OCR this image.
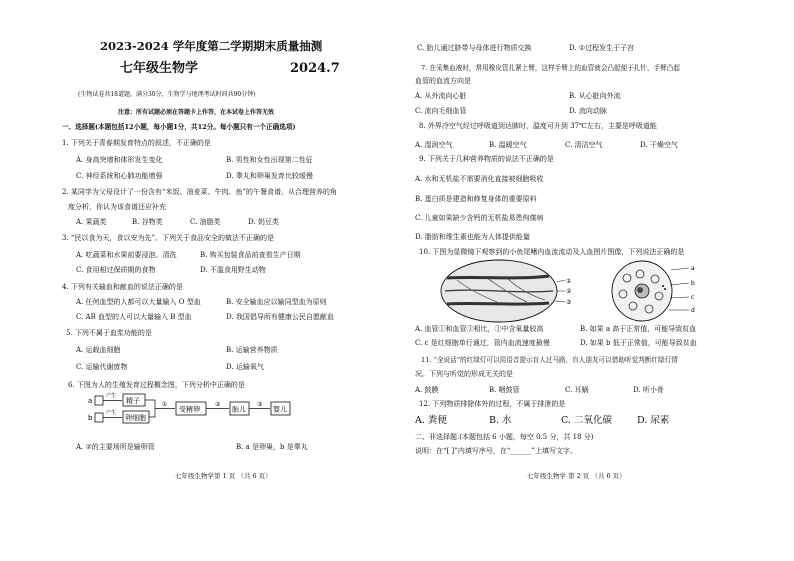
2023-2024 学年度第二学期期末质量抽测
七年级生物学	2024.7
(生物试卷共18道题，满分30分，生物学与地理考试时间共90分钟)
注意：所有试题必须在答题卡上作答，在本试卷上作答无效
一、选择题(本题包括12小题，每小题1分，共12分。每小题只有一个正确选项)
1. 下列关于青春期发育特点的叙述，不正确的是
A. 身高突增和体形发生变化	B. 男性和女性出现第二性征
C. 神经系统和心肺功能增强	D. 睾丸和卵巢发育比较缓慢
2. 某同学为父母设计了一份含有“米饭、油麦菜、牛肉、鱼”的午餐食谱。从合理营养的角
度分析，你认为该食谱还应补充
A. 果蔬类	B. 谷物类	C. 油脂类	D. 奶豆类
3. “民以食为天，食以安为先”。下列关于食品安全的做法不正确的是
A. 吃蔬菜和水果前要浸泡、清洗	B. 购买包装食品前查看生产日期
C. 食用相过保质期的食物	D. 不滥食用野生动物
4. 下列有关输血和献血的说法正确的是
A. 任何血型的人都可以大量输入 O 型血	B. 安全输血应以输同型血为原则
C. AB 血型的人可以大量输入 B 型血	D. 我国倡导所有健康公民自愿献血
5. 下列不属于血浆功能的是
A. 运载血细胞	B. 运输营养物质
C. 运输代谢废物	D. 运输氧气
6. 下图为人的生殖发育过程概念图，下列分析中正确的是
a
b
产生
产生
精子
卵细胞
①
受精卵
②
胎儿
③
婴儿
A. ②的主要场所是输卵管	B. a 是卵巢，b 是睾丸
七年级生物学第 1 页 （共 6 页）
C. 胎儿通过脐带与母体进行物质交换	D. ①过程发生于子宫
7. 在采集血液时，常用橡皮管扎紧上臂，这样手臂上的血管就会凸起便于扎针，手臂凸起
血管的血流方向是
A. 从外流向心脏	B. 从心脏向外流
C. 流向毛细血管	D. 流向动脉
8. 外界冷空气经过呼吸道到达肺时，温度可升到 37℃左右，主要是呼吸道能
A. 湿润空气	B. 温暖空气	C. 清洁空气	D. 干燥空气
9. 下列关于几种营养物质的说法不正确的是
A. 水和无机盐不需要消化直接被细胞吸收
B. 蛋白质是建造和修复身体的重要原料
C. 儿童如果缺少含钙的无机盐易患佝偻病
D. 脂肪和维生素也能为人体提供能量
10. 下图为显微镜下观察到的小鱼尾鳍内血流流动及人血图片图像，下列说法正确的是
①
②
③
a
b
c
d
A. 血管①和血管③相比，③中含氧量较高	B. 如果 a 高于正常值，可能导致贫血
C. c 是红细胞单行通过，管内血流速度最慢	D. 如果 b 低于正常值，可能导致贫血
11. “全说话”的红绿灯可以用语音提示盲人过马路，盲人朋友可以借助听觉判断红绿灯情
况。下列与听觉的形成无关的是
A. 鼓膜	B. 咽鼓管	C. 耳蜗	D. 听小骨
12. 下列物质排除体外的过程，不属于排泄的是
A. 粪便	B. 水	C. 二氧化碳	D. 尿素
二、非选择题.(本题包括 6 小题，每空 0.5 分，共 18 分)
说明：在“[ ]”内填写序号，在“______”上填写文字。
七年级生物学 第 2 页 （共 6 页）
